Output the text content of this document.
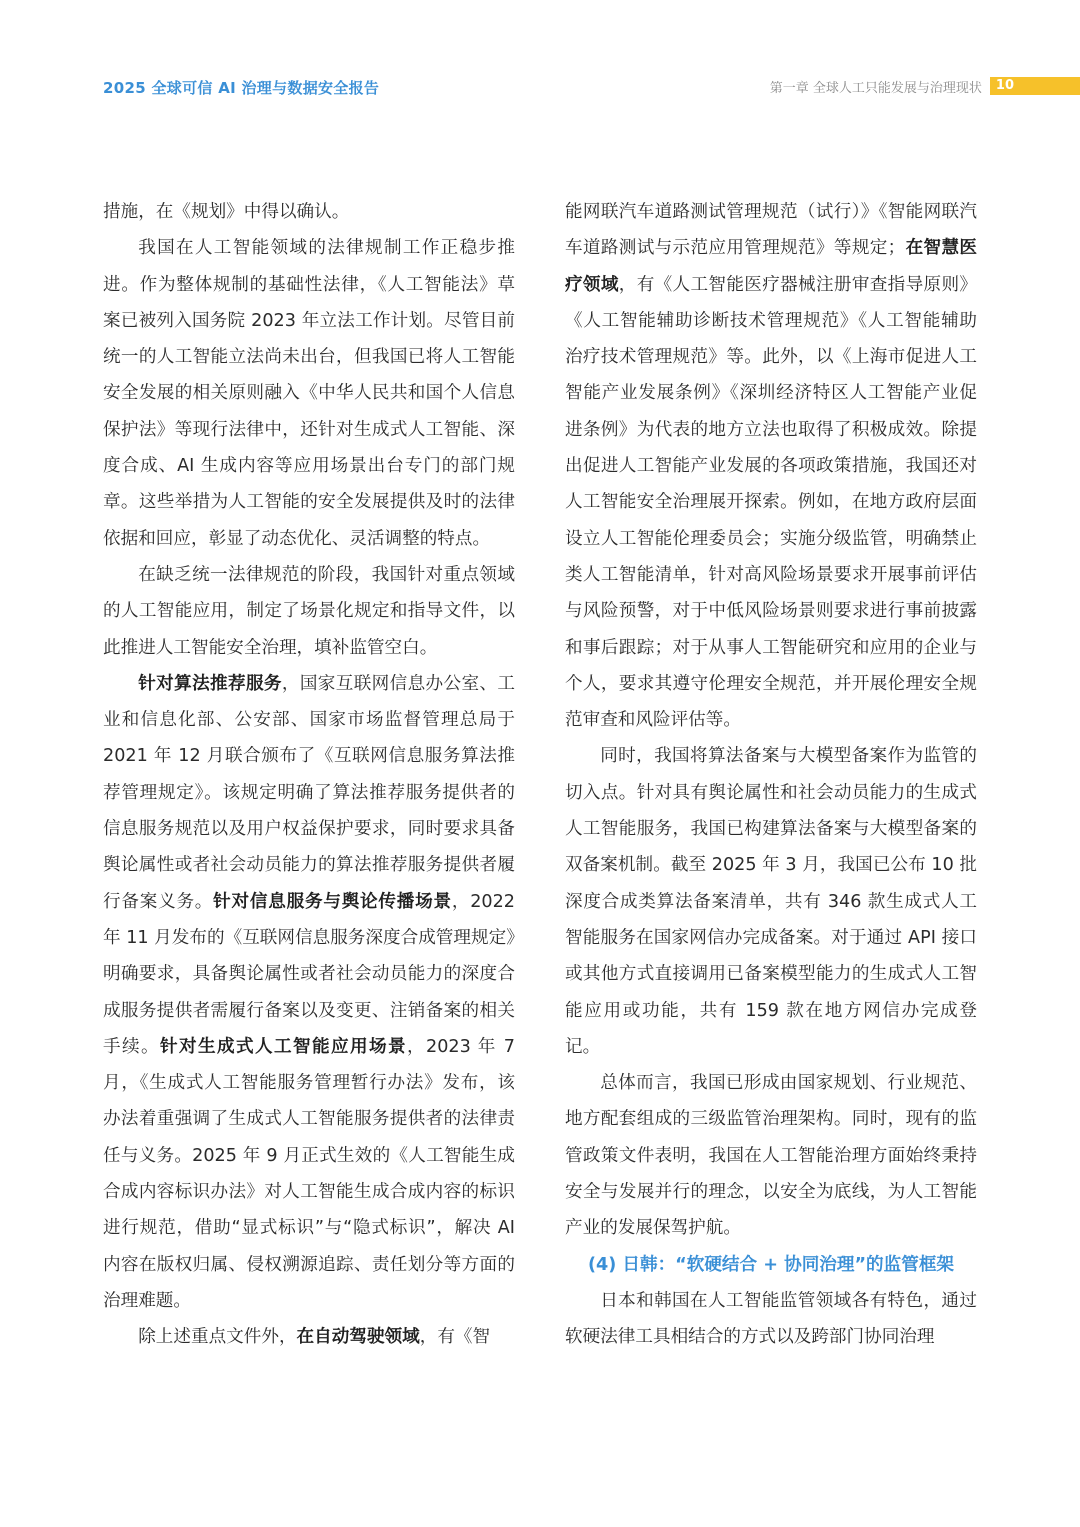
2025 全球可信 AI 治理与数据安全报告	第一章 全球人工只能发展与治理现状	10

措施，在《规划》中得以确认。

我国在人工智能领域的法律规制工作正稳步推进。作为整体规制的基础性法律，《人工智能法》草案已被列入国务院 2023 年立法工作计划。尽管目前统一的人工智能立法尚未出台，但我国已将人工智能安全发展的相关原则融入《中华人民共和国个人信息保护法》等现行法律中，还针对生成式人工智能、深度合成、AI 生成内容等应用场景出台专门的部门规章。这些举措为人工智能的安全发展提供及时的法律依据和回应，彰显了动态优化、灵活调整的特点。

在缺乏统一法律规范的阶段，我国针对重点领域的人工智能应用，制定了场景化规定和指导文件，以此推进人工智能安全治理，填补监管空白。

针对算法推荐服务，国家互联网信息办公室、工业和信息化部、公安部、国家市场监督管理总局于 2021 年 12 月联合颁布了《互联网信息服务算法推荐管理规定》。该规定明确了算法推荐服务提供者的信息服务规范以及用户权益保护要求，同时要求具备舆论属性或者社会动员能力的算法推荐服务提供者履行备案义务。针对信息服务与舆论传播场景，2022 年 11 月发布的《互联网信息服务深度合成管理规定》明确要求，具备舆论属性或者社会动员能力的深度合成服务提供者需履行备案以及变更、注销备案的相关手续。针对生成式人工智能应用场景，2023 年 7 月，《生成式人工智能服务管理暂行办法》发布，该办法着重强调了生成式人工智能服务提供者的法律责任与义务。2025 年 9 月正式生效的《人工智能生成合成内容标识办法》对人工智能生成合成内容的标识进行规范，借助“显式标识”与“隐式标识”，解决 AI 内容在版权归属、侵权溯源追踪、责任划分等方面的治理难题。

除上述重点文件外，在自动驾驶领域，有《智

能网联汽车道路测试管理规范（试行）》《智能网联汽车道路测试与示范应用管理规范》等规定；在智慧医疗领域，有《人工智能医疗器械注册审查指导原则》《人工智能辅助诊断技术管理规范》《人工智能辅助治疗技术管理规范》等。此外，以《上海市促进人工智能产业发展条例》《深圳经济特区人工智能产业促进条例》为代表的地方立法也取得了积极成效。除提出促进人工智能产业发展的各项政策措施，我国还对人工智能安全治理展开探索。例如，在地方政府层面设立人工智能伦理委员会；实施分级监管，明确禁止类人工智能清单，针对高风险场景要求开展事前评估与风险预警，对于中低风险场景则要求进行事前披露和事后跟踪；对于从事人工智能研究和应用的企业与个人，要求其遵守伦理安全规范，并开展伦理安全规范审查和风险评估等。

同时，我国将算法备案与大模型备案作为监管的切入点。针对具有舆论属性和社会动员能力的生成式人工智能服务，我国已构建算法备案与大模型备案的双备案机制。截至 2025 年 3 月，我国已公布 10 批深度合成类算法备案清单，共有 346 款生成式人工智能服务在国家网信办完成备案。对于通过 API 接口或其他方式直接调用已备案模型能力的生成式人工智能应用或功能，共有 159 款在地方网信办完成登记。

总体而言，我国已形成由国家规划、行业规范、地方配套组成的三级监管治理架构。同时，现有的监管政策文件表明，我国在人工智能治理方面始终秉持安全与发展并行的理念，以安全为底线，为人工智能产业的发展保驾护航。

(4) 日韩：“软硬结合 + 协同治理”的监管框架

日本和韩国在人工智能监管领域各有特色，通过软硬法律工具相结合的方式以及跨部门协同治理
